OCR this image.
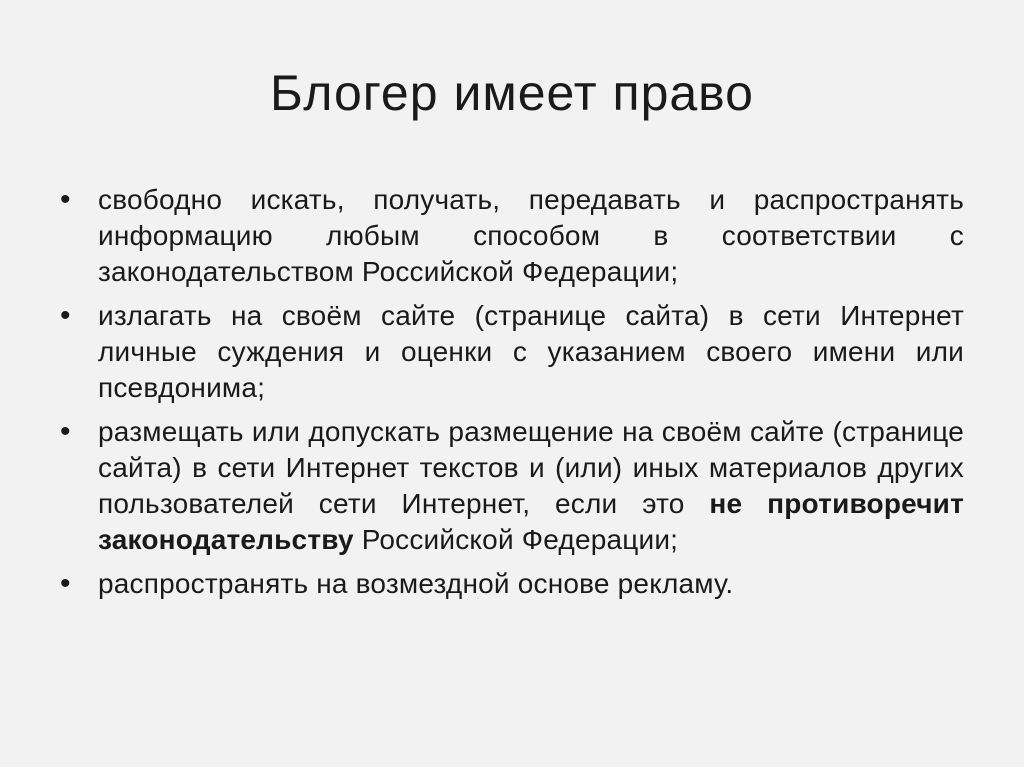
Блогер имеет право
• свободно искать, получать, передавать и распространять информацию любым способом в соответствии с законодательством Российской Федерации;
• излагать на своём сайте (странице сайта) в сети Интернет личные суждения и оценки с указанием своего имени или псевдонима;
• размещать или допускать размещение на своём сайте (странице сайта) в сети Интернет текстов и (или) иных материалов других пользователей сети Интернет, если это не противоречит законодательству Российской Федерации;
• распространять на возмездной основе рекламу.
